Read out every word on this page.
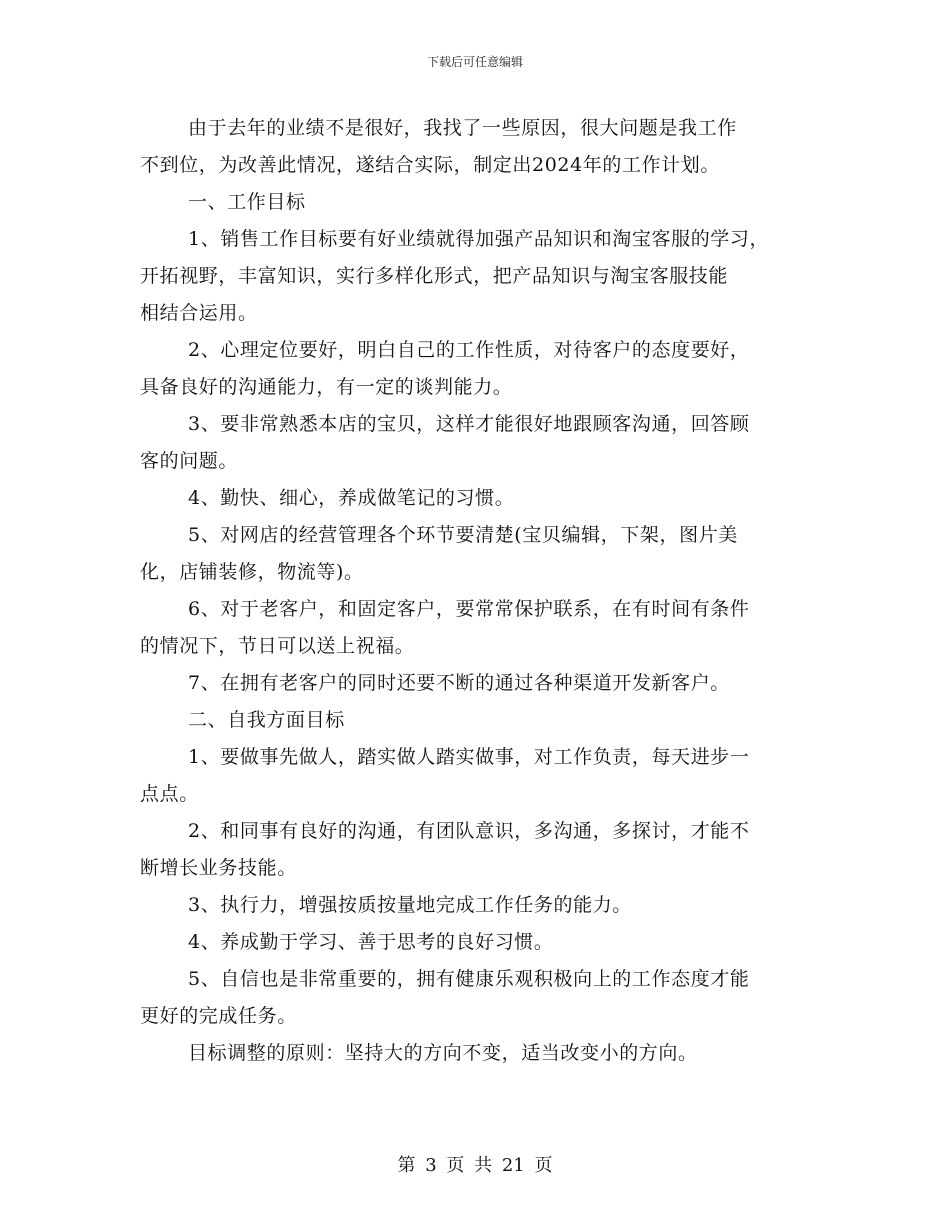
下载后可任意编辑
由于去年的业绩不是很好，我找了一些原因，很大问题是我工作
不到位，为改善此情况，遂结合实际，制定出2024年的工作计划。
一、工作目标
1、销售工作目标要有好业绩就得加强产品知识和淘宝客服的学习，
开拓视野，丰富知识，实行多样化形式，把产品知识与淘宝客服技能
相结合运用。
2、心理定位要好，明白自己的工作性质，对待客户的态度要好，
具备良好的沟通能力，有一定的谈判能力。
3、要非常熟悉本店的宝贝，这样才能很好地跟顾客沟通，回答顾
客的问题。
4、勤快、细心，养成做笔记的习惯。
5、对网店的经营管理各个环节要清楚(宝贝编辑，下架，图片美
化，店铺装修，物流等)。
6、对于老客户，和固定客户，要常常保护联系，在有时间有条件
的情况下，节日可以送上祝福。
7、在拥有老客户的同时还要不断的通过各种渠道开发新客户。
二、自我方面目标
1、要做事先做人，踏实做人踏实做事，对工作负责，每天进步一
点点。
2、和同事有良好的沟通，有团队意识，多沟通，多探讨，才能不
断增长业务技能。
3、执行力，增强按质按量地完成工作任务的能力。
4、养成勤于学习、善于思考的良好习惯。
5、自信也是非常重要的，拥有健康乐观积极向上的工作态度才能
更好的完成任务。
目标调整的原则：坚持大的方向不变，适当改变小的方向。
第 3 页 共 21 页
